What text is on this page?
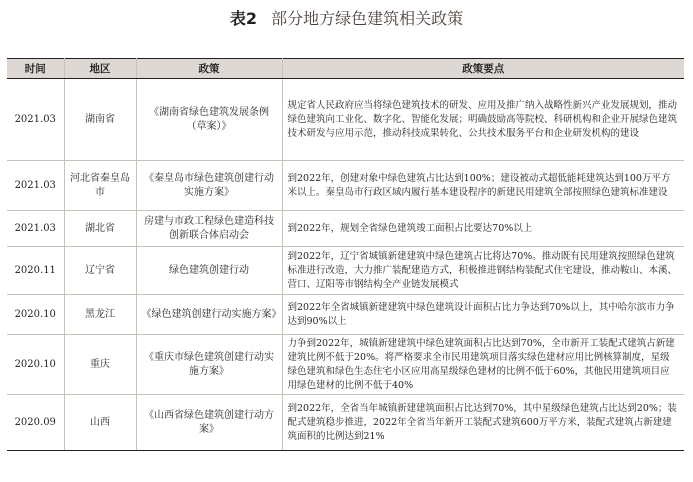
表2 部分地方绿色建筑相关政策
时间	地区	政策	政策要点
2021.03	湖南省	《湖南省绿色建筑发展条例（草案）》	规定省人民政府应当将绿色建筑技术的研发、应用及推广纳入战略性新兴产业发展规划，推动绿色建筑向工业化、数字化、智能化发展；明确鼓励高等院校、科研机构和企业开展绿色建筑技术研发与应用示范，推动科技成果转化、公共技术服务平台和企业研发机构的建设
2021.03	河北省秦皇岛市	《秦皇岛市绿色建筑创建行动实施方案》	到2022年，创建对象中绿色建筑占比达到100%；建设被动式超低能耗建筑达到100万平方米以上。秦皇岛市行政区域内履行基本建设程序的新建民用建筑全部按照绿色建筑标准建设
2021.03	湖北省	房建与市政工程绿色建造科技创新联合体启动会	到2022年，规划全省绿色建筑竣工面积占比要达70%以上
2020.11	辽宁省	绿色建筑创建行动	到2022年，辽宁省城镇新建建筑中绿色建筑占比将达70%。推动既有民用建筑按照绿色建筑标准进行改造，大力推广装配建造方式，积极推进钢结构装配式住宅建设，推动鞍山、本溪、营口、辽阳等市钢结构全产业链发展模式
2020.10	黑龙江	《绿色建筑创建行动实施方案》	到2022年全省城镇新建建筑中绿色建筑设计面积占比力争达到70%以上，其中哈尔滨市力争达到90%以上
2020.10	重庆	《重庆市绿色建筑创建行动实施方案》	力争到2022年，城镇新建建筑中绿色建筑面积占比达到70%，全市新开工装配式建筑占新建建筑比例不低于20%。将严格要求全市民用建筑项目落实绿色建材应用比例核算制度，星级绿色建筑和绿色生态住宅小区应用高星级绿色建材的比例不低于60%，其他民用建筑项目应用绿色建材的比例不低于40%
2020.09	山西	《山西省绿色建筑创建行动方案》	到2022年，全省当年城镇新建建筑面积占比达到70%，其中星级绿色建筑占比达到20%；装配式建筑稳步推进，2022年全省当年新开工装配式建筑600万平方米，装配式建筑占新建建筑面积的比例达到21%
